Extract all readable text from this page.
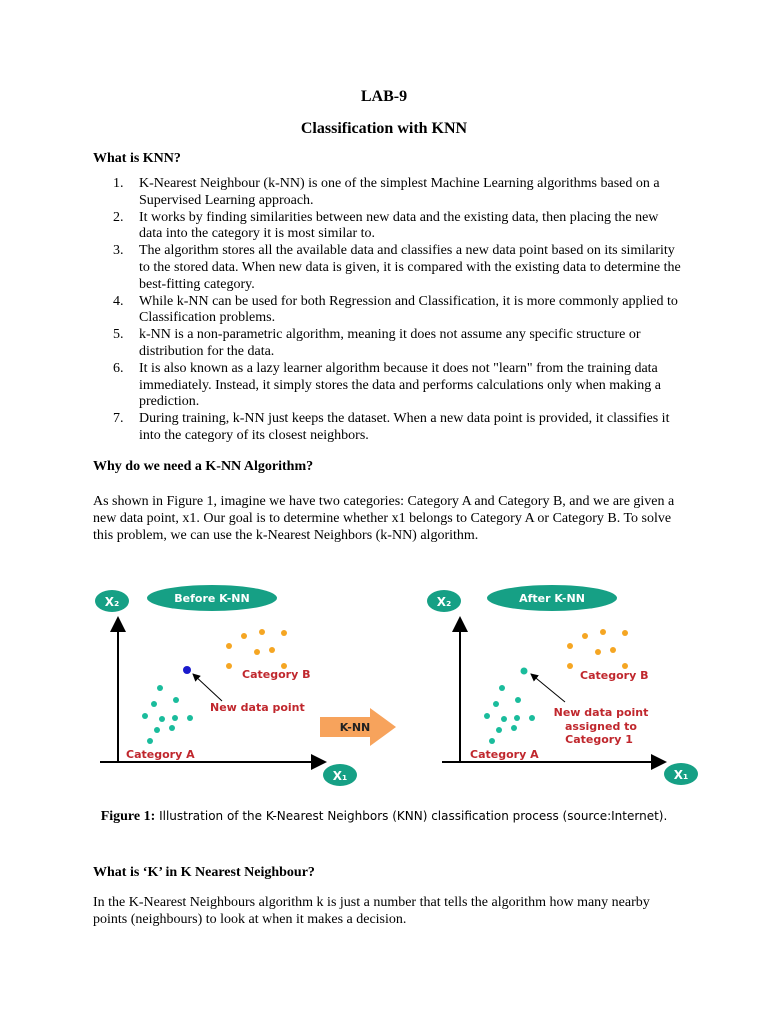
LAB-9
Classification with KNN
What is KNN?
1. K-Nearest Neighbour (k-NN) is one of the simplest Machine Learning algorithms based on a Supervised Learning approach.
2. It works by finding similarities between new data and the existing data, then placing the new data into the category it is most similar to.
3. The algorithm stores all the available data and classifies a new data point based on its similarity to the stored data. When new data is given, it is compared with the existing data to determine the best-fitting category.
4. While k-NN can be used for both Regression and Classification, it is more commonly applied to Classification problems.
5. k-NN is a non-parametric algorithm, meaning it does not assume any specific structure or distribution for the data.
6. It is also known as a lazy learner algorithm because it does not "learn" from the training data immediately. Instead, it simply stores the data and performs calculations only when making a prediction.
7. During training, k-NN just keeps the dataset. When a new data point is provided, it classifies it into the category of its closest neighbors.
Why do we need a K-NN Algorithm?

As shown in Figure 1, imagine we have two categories: Category A and Category B, and we are given a new data point, x1. Our goal is to determine whether x1 belongs to Category A or Category B. To solve this problem, we can use the k-Nearest Neighbors (k-NN) algorithm.

X₂
X₁
Before K-NN
New data point
Category B
Category A
K-NN
X₂
X₁
After K-NN
New data point
assigned to
Category 1
Category B
Category A
Figure 1: Illustration of the K-Nearest Neighbors (KNN) classification process (source:Internet).
What is ‘K’ in K Nearest Neighbour?

In the K-Nearest Neighbours algorithm k is just a number that tells the algorithm how many nearby points (neighbours) to look at when it makes a decision.
